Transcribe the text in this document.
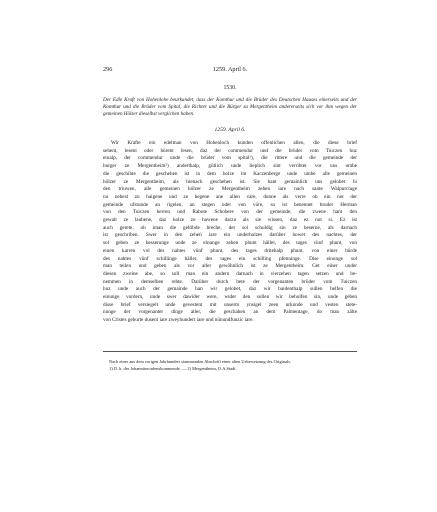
296	1259. April 6.
1530.
Der Edle Kraft von Hohenlohe beurkundet, dass der Komthur und die Brüder des Deutschen Hauses einerseits und der Komthur und die Brüder vom Spital, die Richter und die Bürger zu Mergentheim andererseits sich vor ihm wegen der gemeinen Hölzer dieselbst verglichen haben.
1259. April 6.
Wir Krafte ein edelman von Hohenloch kunden offenlichen allen, die diese brief
sehent, lesent oder hörent lesen, daz der commendur und die brüder vom Tuiczen huz
einalp, der commendur unde die brüder vom spital¹), die rittere und die gemeinde der
burger ze Mergentheim²) anderthalp, gütlich unde lieplich sint verribtet vor uns umbe
die geschihte die geschehen ist in dem holze im Kaczenberge unde umbe alle gemeinen
hölzer ze Mergentheim, als hienach geschehen ist. Sie hant gemainlich uns gelobet bi
den triuwen, alle gemeinen hölzer ze Mergentheim zehen iare nach sante Walpurctage
nu nehest zu haigene und ze hegene ane allen vare, dunne als verre ob ein not der
gemeinde ufstunde an rigelen, an stegen oder von vüre, so ist benennet bruder Herman
von den Tuiczen herren und Rabote Schobere von der gemeinde, die zwene hant den
gewalt ze laubene, daz holze ze hawene darzu als sie wissen, daz ez not si. Ez ist
auch gerete, ob iman die geltibde breche, der sol schuldig sin ze beserne, als darnach
ist geschriben. Swer in den zehen iare ein underholzes darüber howet des nachtes, der
sol geben ze besserunge unde ze einunge zehen phunt häller, des tages vünf phunt, von
einen karren vol des nahtes vünf phunt, des tages dritehalp phunt, von einer bürde
des nahtes vünf schillinge häller, des tages ein schilling pfenninge. Dise einunge sol
man teilen und geben als vor aller gewöhnlich ist ze Mergentheim. Get einer under
diesen zweine abe, so soll man ein andern darnach in vierzehen tagen setzen und be-
nemmen in demselben rehte. Darüber durch bete der vorgenanten brüder vom Tuiczen
huz unde auch der gemainde han wir gelobet, daz wir baidenthalp sullen helfen die
einunge vordern, unde swer dawider were, wider den sullen wir beholfen sin, unde geben
disse brief versiegelt unde gevestent mit unserm ynsigel zeen urkunde und vesten stete-
nunge der vorgenanter dinge aller, die geschahen an dem Palmentage, do man zälte
von Cristes geburte dusent iare zweyhundert iare und nünundfunzic iare.
Nach einer aus dem vorigen Jahrhundert stammenden Abschrift einer alten Uebersetzung des Originals.
1) D. h. der Johanniterordenskommende. — 2) Mergentheim, O.A.Stadt.
